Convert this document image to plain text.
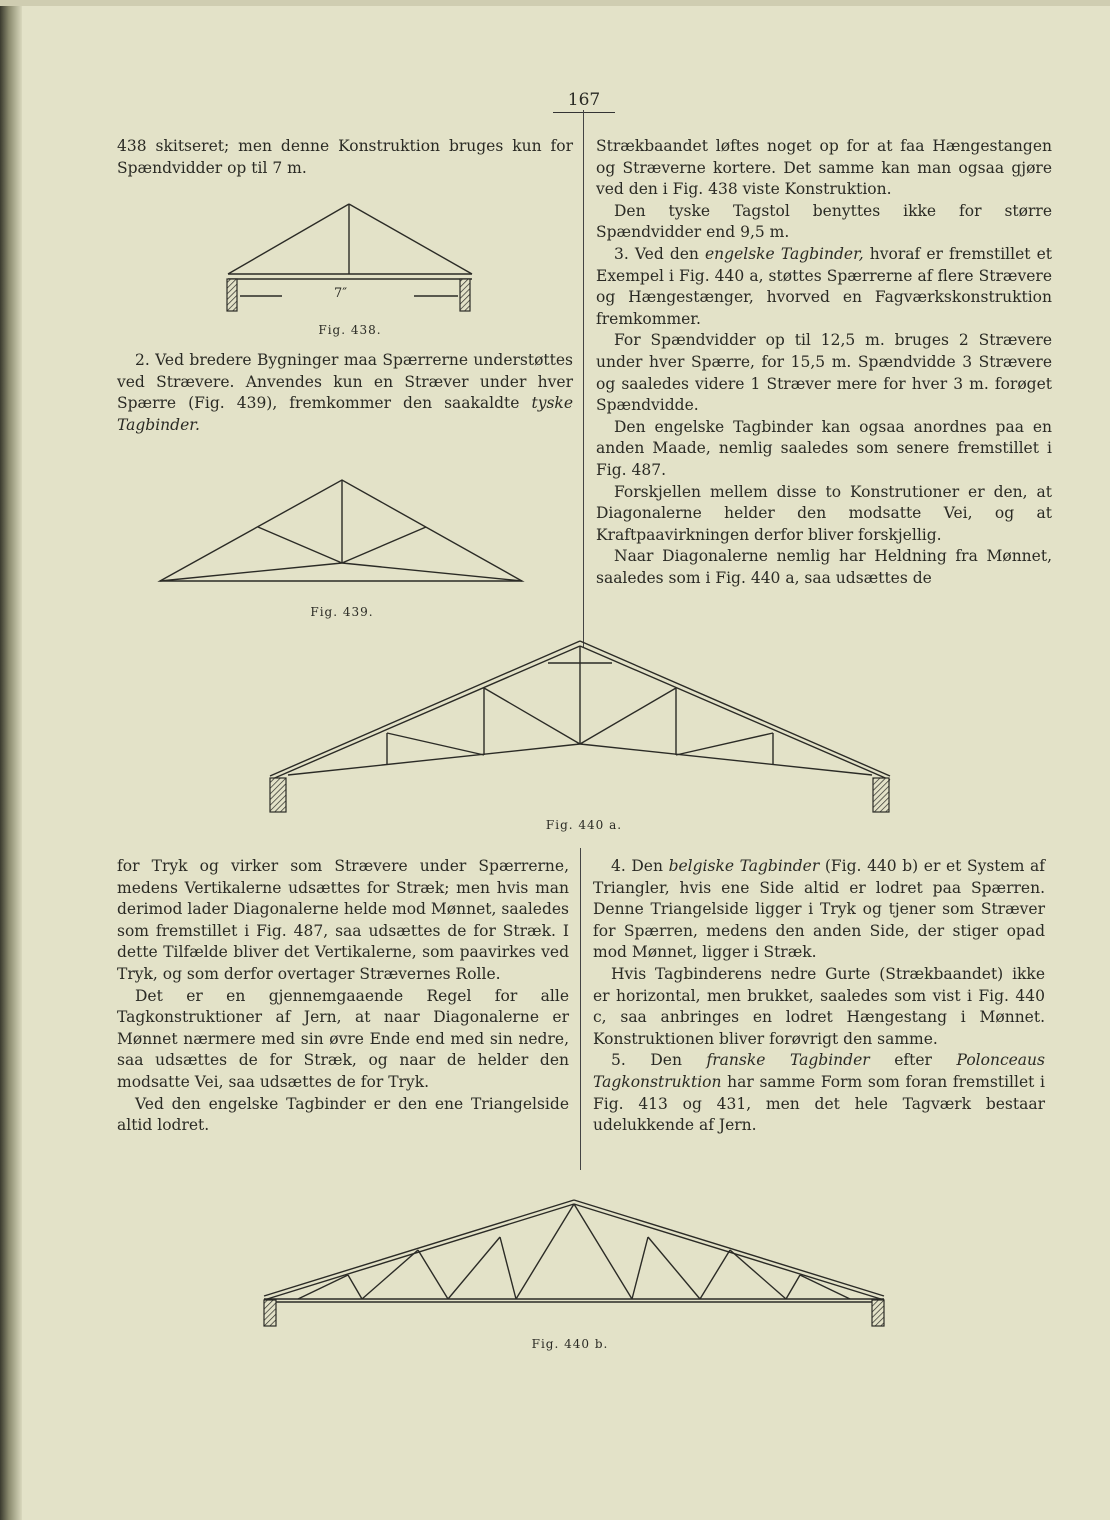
167

438 skitseret; men denne Konstruktion bruges kun for Spændvidder op til 7 m.

7″
Fig. 438.

2. Ved bredere Bygninger maa Spærrerne understøttes ved Strævere. Anvendes kun en Stræver under hver Spærre (Fig. 439), fremkommer den saakaldte tyske Tagbinder.

Fig. 439.

Strækbaandet løftes noget op for at faa Hængestangen og Stræverne kortere. Det samme kan man ogsaa gjøre ved den i Fig. 438 viste Konstruktion.

Den tyske Tagstol benyttes ikke for større Spændvidder end 9,5 m.

3. Ved den engelske Tagbinder, hvoraf er fremstillet et Exempel i Fig. 440 a, støttes Spærrerne af flere Strævere og Hængestænger, hvorved en Fagværkskonstruktion fremkommer.

For Spændvidder op til 12,5 m. bruges 2 Strævere under hver Spærre, for 15,5 m. Spændvidde 3 Strævere og saaledes videre 1 Stræver mere for hver 3 m. forøget Spændvidde.

Den engelske Tagbinder kan ogsaa anordnes paa en anden Maade, nemlig saaledes som senere fremstillet i Fig. 487.

Forskjellen mellem disse to Konstrutioner er den, at Diagonalerne helder den modsatte Vei, og at Kraftpaavirkningen derfor bliver forskjellig.

Naar Diagonalerne nemlig har Heldning fra Mønnet, saaledes som i Fig. 440 a, saa udsættes de

Fig. 440 a.

for Tryk og virker som Strævere under Spærrerne, medens Vertikalerne udsættes for Stræk; men hvis man derimod lader Diagonalerne helde mod Mønnet, saaledes som fremstillet i Fig. 487, saa udsættes de for Stræk. I dette Tilfælde bliver det Vertikalerne, som paavirkes ved Tryk, og som derfor overtager Strævernes Rolle.

Det er en gjennemgaaende Regel for alle Tagkonstruktioner af Jern, at naar Diagonalerne er Mønnet nærmere med sin øvre Ende end med sin nedre, saa udsættes de for Stræk, og naar de helder den modsatte Vei, saa udsættes de for Tryk.

Ved den engelske Tagbinder er den ene Triangelside altid lodret.

4. Den belgiske Tagbinder (Fig. 440 b) er et System af Triangler, hvis ene Side altid er lodret paa Spærren. Denne Triangelside ligger i Tryk og tjener som Stræver for Spærren, medens den anden Side, der stiger opad mod Mønnet, ligger i Stræk.

Hvis Tagbinderens nedre Gurte (Strækbaandet) ikke er horizontal, men brukket, saaledes som vist i Fig. 440 c, saa anbringes en lodret Hængestang i Mønnet. Konstruktionen bliver forøvrigt den samme.

5. Den franske Tagbinder efter Polonceaus Tagkonstruktion har samme Form som foran fremstillet i Fig. 413 og 431, men det hele Tagværk bestaar udelukkende af Jern.

Fig. 440 b.
